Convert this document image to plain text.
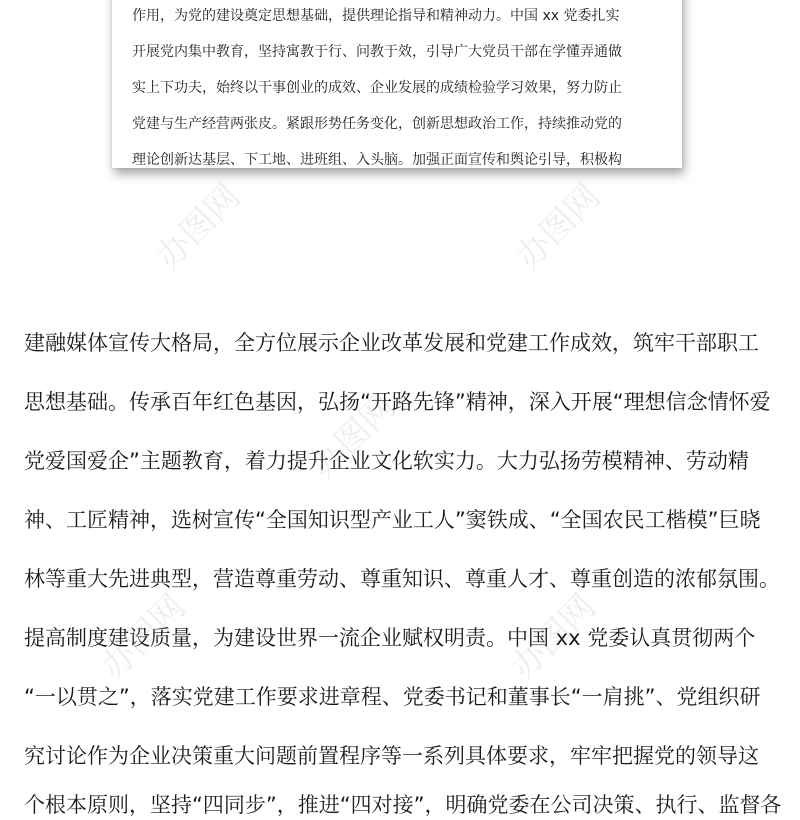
作用，为党的建设奠定思想基础，提供理论指导和精神动力。中国 xx 党委扎实
开展党内集中教育，坚持寓教于行、问教于效，引导广大党员干部在学懂弄通做
实上下功夫，始终以干事创业的成效、企业发展的成绩检验学习效果，努力防止
党建与生产经营两张皮。紧跟形势任务变化，创新思想政治工作，持续推动党的
理论创新达基层、下工地、进班组、入头脑。加强正面宣传和舆论引导，积极构
建融媒体宣传大格局，全方位展示企业改革发展和党建工作成效，筑牢干部职工
思想基础。传承百年红色基因，弘扬“开路先锋”精神，深入开展“理想信念情怀爱
党爱国爱企”主题教育，着力提升企业文化软实力。大力弘扬劳模精神、劳动精
神、工匠精神，选树宣传“全国知识型产业工人”窦铁成、“全国农民工楷模”巨晓
林等重大先进典型，营造尊重劳动、尊重知识、尊重人才、尊重创造的浓郁氛围。
提高制度建设质量，为建设世界一流企业赋权明责。中国 xx 党委认真贯彻两个
“一以贯之”，落实党建工作要求进章程、党委书记和董事长“一肩挑”、党组织研
究讨论作为企业决策重大问题前置程序等一系列具体要求，牢牢把握党的领导这
个根本原则，坚持“四同步”，推进“四对接”，明确党委在公司决策、执行、监督各
办图网	办图网
办图网
办图网	办图网
